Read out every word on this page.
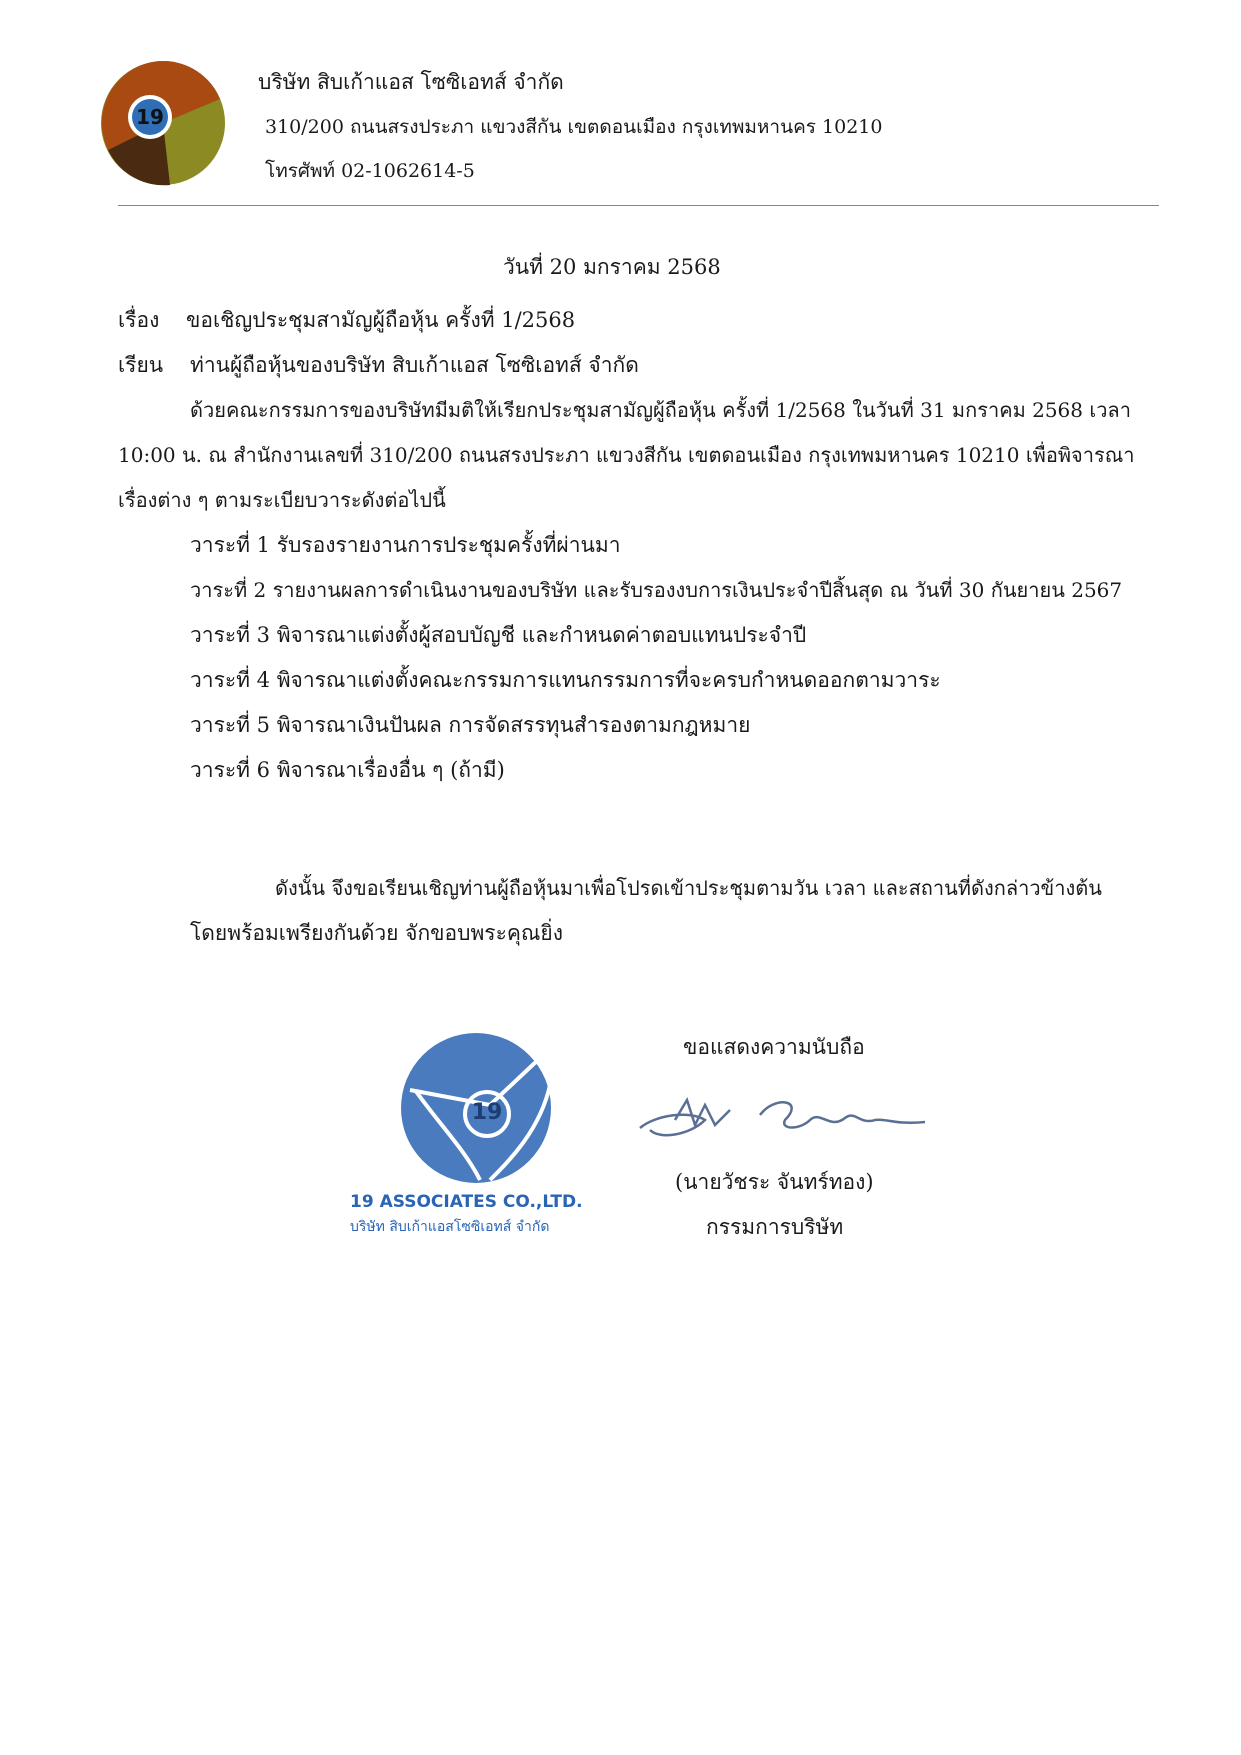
19
บริษัท สิบเก้าแอส โซซิเอทส์ จำกัด
310/200 ถนนสรงประภา แขวงสีกัน เขตดอนเมือง กรุงเทพมหานคร 10210
โทรศัพท์ 02-1062614-5
วันที่ 20 มกราคม 2568
เรื่อง ขอเชิญประชุมสามัญผู้ถือหุ้น ครั้งที่ 1/2568
เรียน ท่านผู้ถือหุ้นของบริษัท สิบเก้าแอส โซซิเอทส์ จำกัด
ด้วยคณะกรรมการของบริษัทมีมติให้เรียกประชุมสามัญผู้ถือหุ้น ครั้งที่ 1/2568 ในวันที่ 31 มกราคม 2568 เวลา
10:00 น. ณ สำนักงานเลขที่ 310/200 ถนนสรงประภา แขวงสีกัน เขตดอนเมือง กรุงเทพมหานคร 10210 เพื่อพิจารณา
เรื่องต่าง ๆ ตามระเบียบวาระดังต่อไปนี้
วาระที่ 1 รับรองรายงานการประชุมครั้งที่ผ่านมา
วาระที่ 2 รายงานผลการดำเนินงานของบริษัท และรับรองงบการเงินประจำปีสิ้นสุด ณ วันที่ 30 กันยายน 2567
วาระที่ 3 พิจารณาแต่งตั้งผู้สอบบัญชี และกำหนดค่าตอบแทนประจำปี
วาระที่ 4 พิจารณาแต่งตั้งคณะกรรมการแทนกรรมการที่จะครบกำหนดออกตามวาระ
วาระที่ 5 พิจารณาเงินปันผล การจัดสรรทุนสำรองตามกฎหมาย
วาระที่ 6 พิจารณาเรื่องอื่น ๆ (ถ้ามี)
ดังนั้น จึงขอเรียนเชิญท่านผู้ถือหุ้นมาเพื่อโปรดเข้าประชุมตามวัน เวลา และสถานที่ดังกล่าวข้างต้น
โดยพร้อมเพรียงกันด้วย จักขอบพระคุณยิ่ง
19
19 ASSOCIATES CO.,LTD.
บริษัท สิบเก้าแอสโซซิเอทส์ จำกัด
ขอแสดงความนับถือ
(นายวัชระ จันทร์ทอง)
กรรมการบริษัท
